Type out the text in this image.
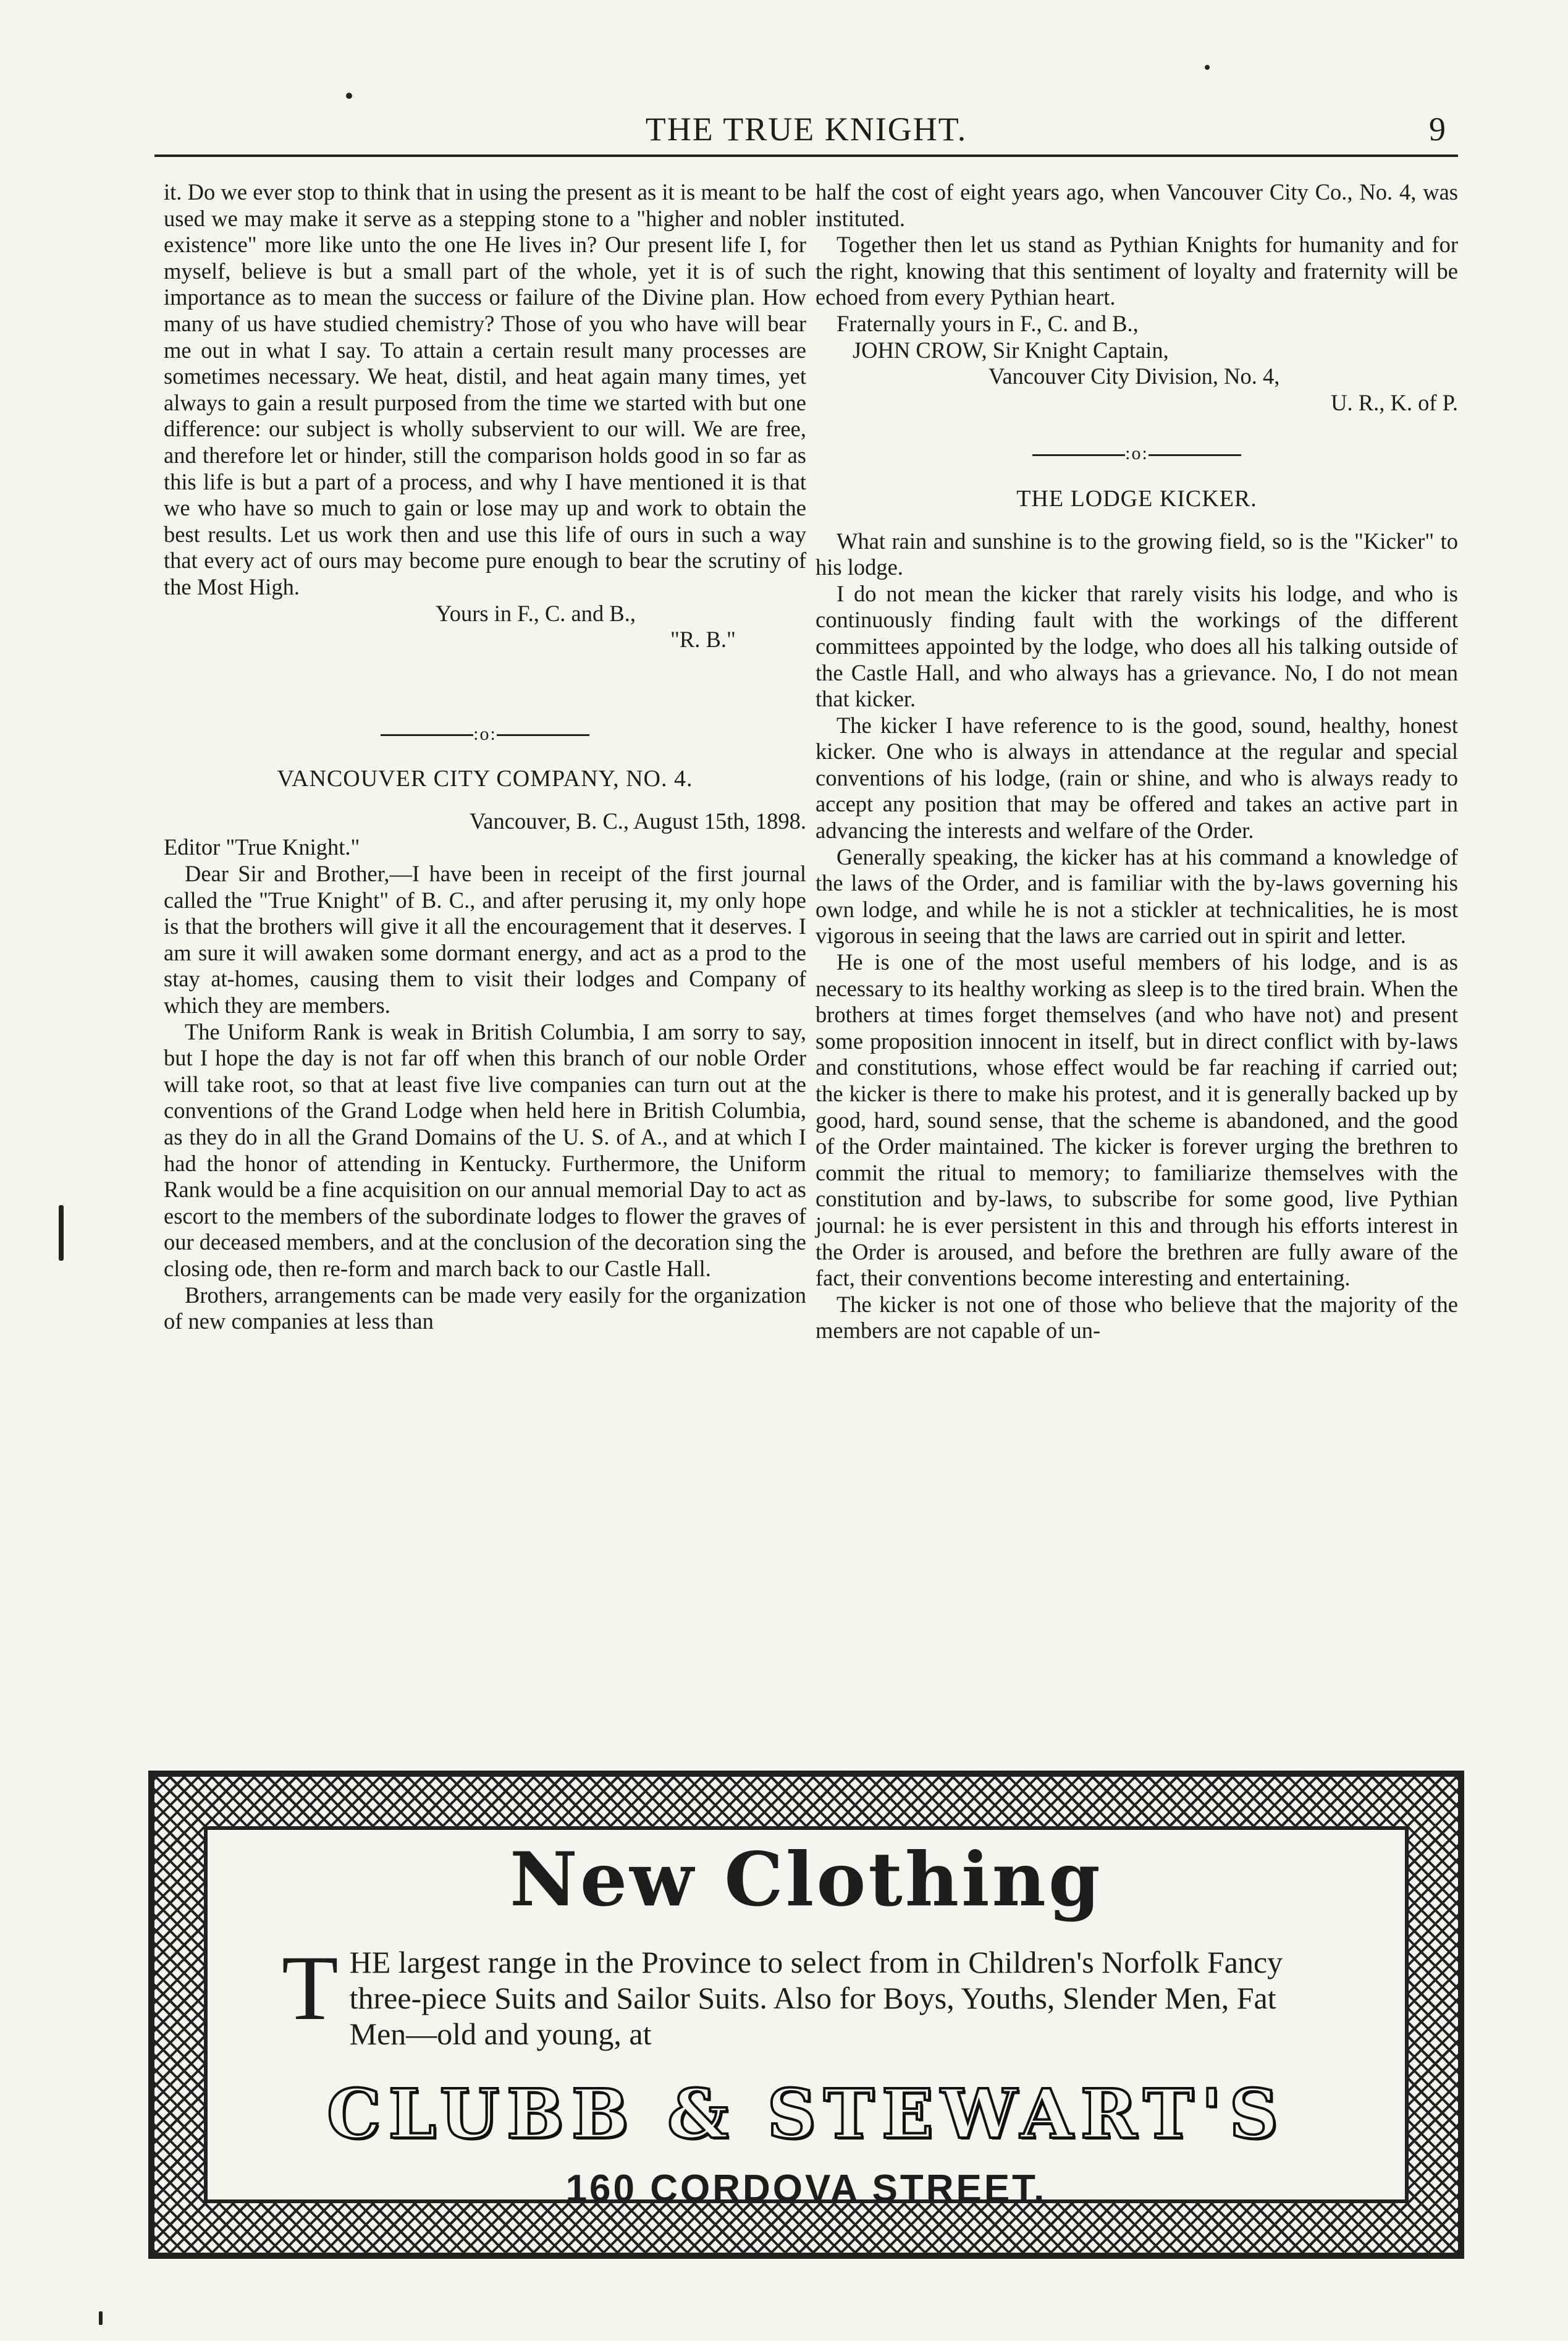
THE TRUE KNIGHT.	9

it. Do we ever stop to think that in using the present as it is meant to be used we may make it serve as a stepping stone to a "higher and nobler existence" more like unto the one He lives in? Our present life I, for myself, believe is but a small part of the whole, yet it is of such importance as to mean the success or failure of the Divine plan. How many of us have studied chemistry? Those of you who have will bear me out in what I say. To attain a certain result many processes are sometimes necessary. We heat, distil, and heat again many times, yet always to gain a result purposed from the time we started with but one difference: our subject is wholly subservient to our will. We are free, and therefore let or hinder, still the comparison holds good in so far as this life is but a part of a process, and why I have mentioned it is that we who have so much to gain or lose may up and work to obtain the best results. Let us work then and use this life of ours in such a way that every act of ours may become pure enough to bear the scrutiny of the Most High.

Yours in F., C. and B.,

"R. B."

:o:
VANCOUVER CITY COMPANY, NO. 4.

Vancouver, B. C., August 15th, 1898.

Editor "True Knight."

Dear Sir and Brother,—I have been in receipt of the first journal called the "True Knight" of B. C., and after perusing it, my only hope is that the brothers will give it all the encouragement that it deserves. I am sure it will awaken some dormant energy, and act as a prod to the stay at-homes, causing them to visit their lodges and Company of which they are members.

The Uniform Rank is weak in British Columbia, I am sorry to say, but I hope the day is not far off when this branch of our noble Order will take root, so that at least five live companies can turn out at the conventions of the Grand Lodge when held here in British Columbia, as they do in all the Grand Domains of the U. S. of A., and at which I had the honor of attending in Kentucky. Furthermore, the Uniform Rank would be a fine acquisition on our annual memorial Day to act as escort to the members of the subordinate lodges to flower the graves of our deceased members, and at the conclusion of the decoration sing the closing ode, then re-form and march back to our Castle Hall.

Brothers, arrangements can be made very easily for the organization of new companies at less than

half the cost of eight years ago, when Vancouver City Co., No. 4, was instituted.

Together then let us stand as Pythian Knights for humanity and for the right, knowing that this sentiment of loyalty and fraternity will be echoed from every Pythian heart.

Fraternally yours in F., C. and B.,

JOHN CROW, Sir Knight Captain,

Vancouver City Division, No. 4,

U. R., K. of P.

:o:
THE LODGE KICKER.

What rain and sunshine is to the growing field, so is the "Kicker" to his lodge.

I do not mean the kicker that rarely visits his lodge, and who is continuously finding fault with the workings of the different committees appointed by the lodge, who does all his talking outside of the Castle Hall, and who always has a grievance. No, I do not mean that kicker.

The kicker I have reference to is the good, sound, healthy, honest kicker. One who is always in attendance at the regular and special conventions of his lodge, (rain or shine, and who is always ready to accept any position that may be offered and takes an active part in advancing the interests and welfare of the Order.

Generally speaking, the kicker has at his command a knowledge of the laws of the Order, and is familiar with the by-laws governing his own lodge, and while he is not a stickler at technicalities, he is most vigorous in seeing that the laws are carried out in spirit and letter.

He is one of the most useful members of his lodge, and is as necessary to its healthy working as sleep is to the tired brain. When the brothers at times forget themselves (and who have not) and present some proposition innocent in itself, but in direct conflict with by-laws and constitutions, whose effect would be far reaching if carried out; the kicker is there to make his protest, and it is generally backed up by good, hard, sound sense, that the scheme is abandoned, and the good of the Order maintained. The kicker is forever urging the brethren to commit the ritual to memory; to familiarize themselves with the constitution and by-laws, to subscribe for some good, live Pythian journal: he is ever persistent in this and through his efforts interest in the Order is aroused, and before the brethren are fully aware of the fact, their conventions become interesting and entertaining.

The kicker is not one of those who believe that the majority of the members are not capable of un-

New Clothing
T HE largest range in the Province to select from in Children's Norfolk Fancy three-piece Suits and Sailor Suits. Also for Boys, Youths, Slender Men, Fat Men—old and young, at
CLUBB & STEWART'S
160 CORDOVA STREET.
